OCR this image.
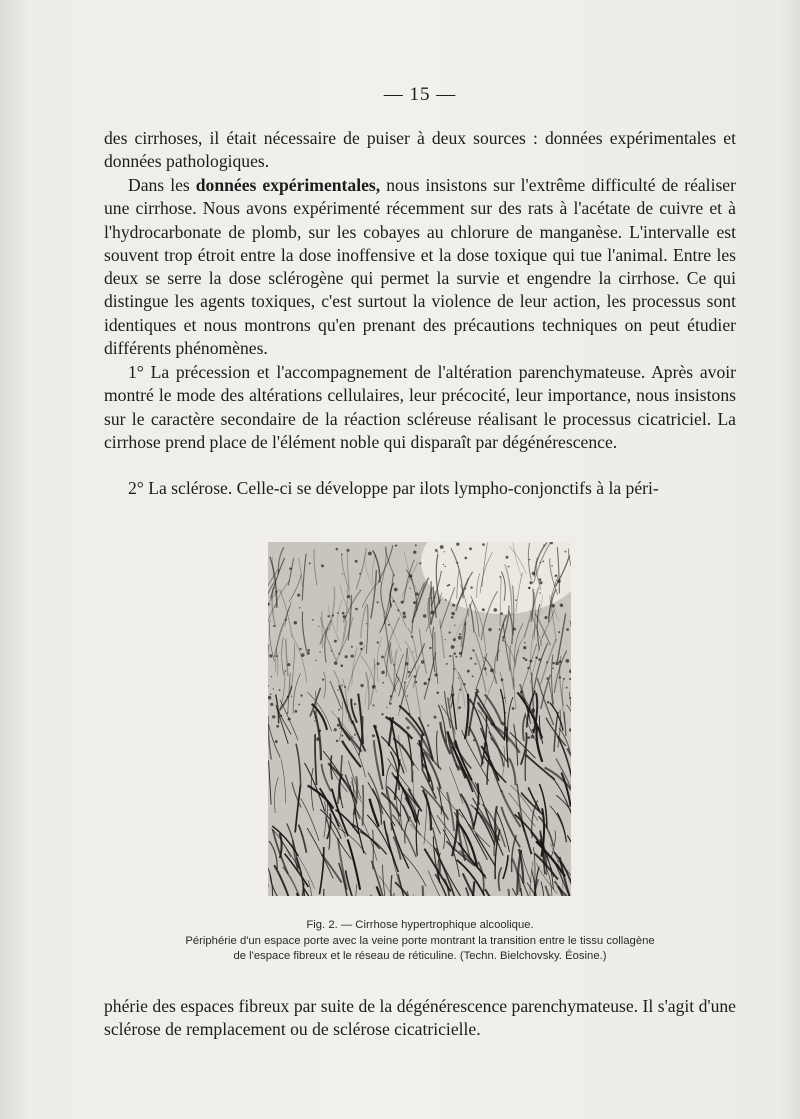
— 15 —

des cirrhoses, il était nécessaire de puiser à deux sources : données expérimentales et données pathologiques.

Dans les données expérimentales, nous insistons sur l'extrême difficulté de réaliser une cirrhose. Nous avons expérimenté récemment sur des rats à l'acétate de cuivre et à l'hydrocarbonate de plomb, sur les cobayes au chlorure de manganèse. L'intervalle est souvent trop étroit entre la dose inoffensive et la dose toxique qui tue l'animal. Entre les deux se serre la dose sclérogène qui permet la survie et engendre la cirrhose. Ce qui distingue les agents toxiques, c'est surtout la violence de leur action, les processus sont identiques et nous montrons qu'en prenant des précautions techniques on peut étudier différents phénomènes.

1° La précession et l'accompagnement de l'altération parenchymateuse. Après avoir montré le mode des altérations cellulaires, leur précocité, leur importance, nous insistons sur le caractère secondaire de la réaction scléreuse réalisant le processus cicatriciel. La cirrhose prend place de l'élément noble qui disparaît par dégénérescence.

2° La sclérose. Celle-ci se développe par ilots lympho-conjonctifs à la péri-

Fig. 2. — Cirrhose hypertrophique alcoolique.
Périphérie d'un espace porte avec la veine porte montrant la transition entre le tissu collagène
de l'espace fibreux et le réseau de réticuline. (Techn. Bielchovsky. Éosine.)

phérie des espaces fibreux par suite de la dégénérescence parenchymateuse. Il s'agit d'une sclérose de remplacement ou de sclérose cicatricielle.
